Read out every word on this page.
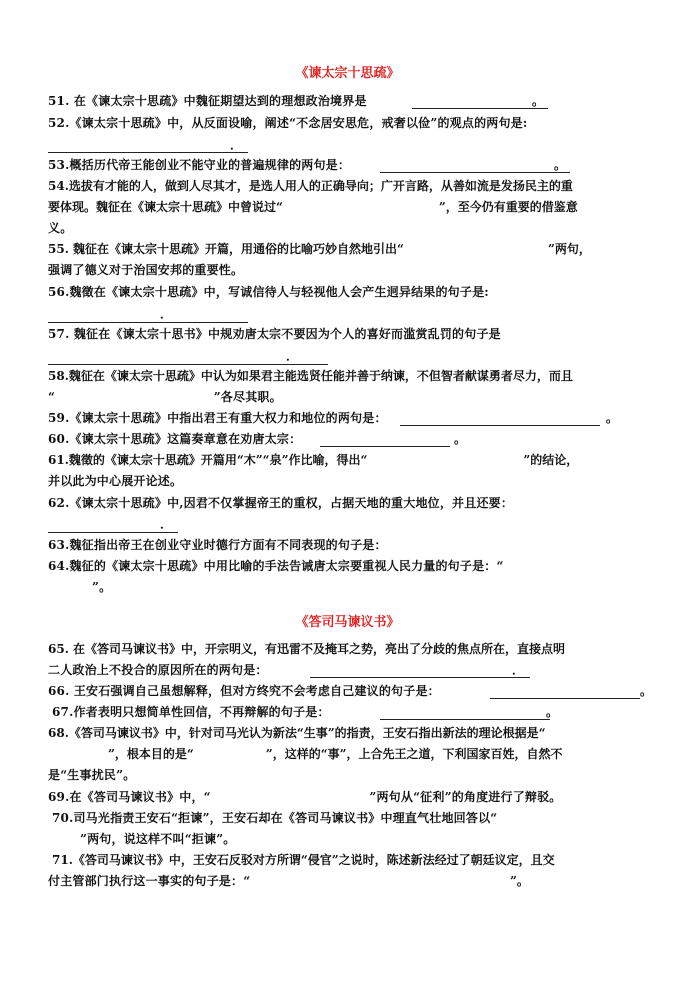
《谏太宗十思疏》
51. 在《谏太宗十思疏》中魏征期望达到的理想政治境界是	。
52.《谏太宗十思疏》中，从反面设喻，阐述“不念居安思危，戒奢以俭”的观点的两句是:
．
53.概括历代帝王能创业不能守业的普遍规律的两句是：	。
54.选拔有才能的人，做到人尽其才，是选人用人的正确导向；广开言路，从善如流是发扬民主的重
要体现。魏征在《谏太宗十思疏》中曾说过“　　　　　　　　　　　　　”，至今仍有重要的借鉴意
义。
55. 魏征在《谏太宗十思疏》开篇，用通俗的比喻巧妙自然地引出“　　　　　　　　　　　　”两句，
强调了德义对于治国安邦的重要性。
56.魏徵在《谏太宗十思疏》中，写诚信待人与轻视他人会产生迥异结果的句子是:
．
57. 魏征在《谏太宗十思书》中规劝唐太宗不要因为个人的喜好而滥赏乱罚的句子是
．
58.魏征在《谏太宗十思疏》中认为如果君主能选贤任能并善于纳谏，不但智者献谋勇者尽力，而且
“　　　　　　　　　　　　　”各尽其职。
59.《谏太宗十思疏》中指出君王有重大权力和地位的两句是：	。
60.《谏太宗十思疏》这篇奏章意在劝唐太宗：	。
61.魏徵的《谏太宗十思疏》开篇用“木”“泉”作比喻，得出“　　　　　　　　　　　　　”的结论，
并以此为中心展开论述。
62.《谏太宗十思疏》中,因君不仅掌握帝王的重权，占据天地的重大地位，并且还要：
．
63.魏征指出帝王在创业守业时德行方面有不同表现的句子是：
64.魏征的《谏太宗十思疏》中用比喻的手法告诫唐太宗要重视人民力量的句子是：“
”。
《答司马谏议书》
65. 在《答司马谏议书》中，开宗明义，有迅雷不及掩耳之势，亮出了分歧的焦点所在，直接点明
二人政治上不投合的原因所在的两句是：	．
66. 王安石强调自己虽想解释，但对方终究不会考虑自己建议的句子是：	。
67.作者表明只想简单性回信，不再辩解的句子是：	。
68.《答司马谏议书》中，针对司马光认为新法“生事”的指责，王安石指出新法的理论根据是“
　　　　　”，根本目的是“　　　　　　”，这样的“事”，上合先王之道，下利国家百姓，自然不
是“生事扰民”。
69.在《答司马谏议书》中，“　　　　　　　　　　　　　”两句从“征利”的角度进行了辩驳。
70.司马光指责王安石“拒谏”，王安石却在《答司马谏议书》中理直气壮地回答以“
”两句，说这样不叫“拒谏”。
71.《答司马谏议书》中，王安石反驳对方所谓“侵官”之说时，陈述新法经过了朝廷议定，且交
付主管部门执行这一事实的句子是：“	”。
